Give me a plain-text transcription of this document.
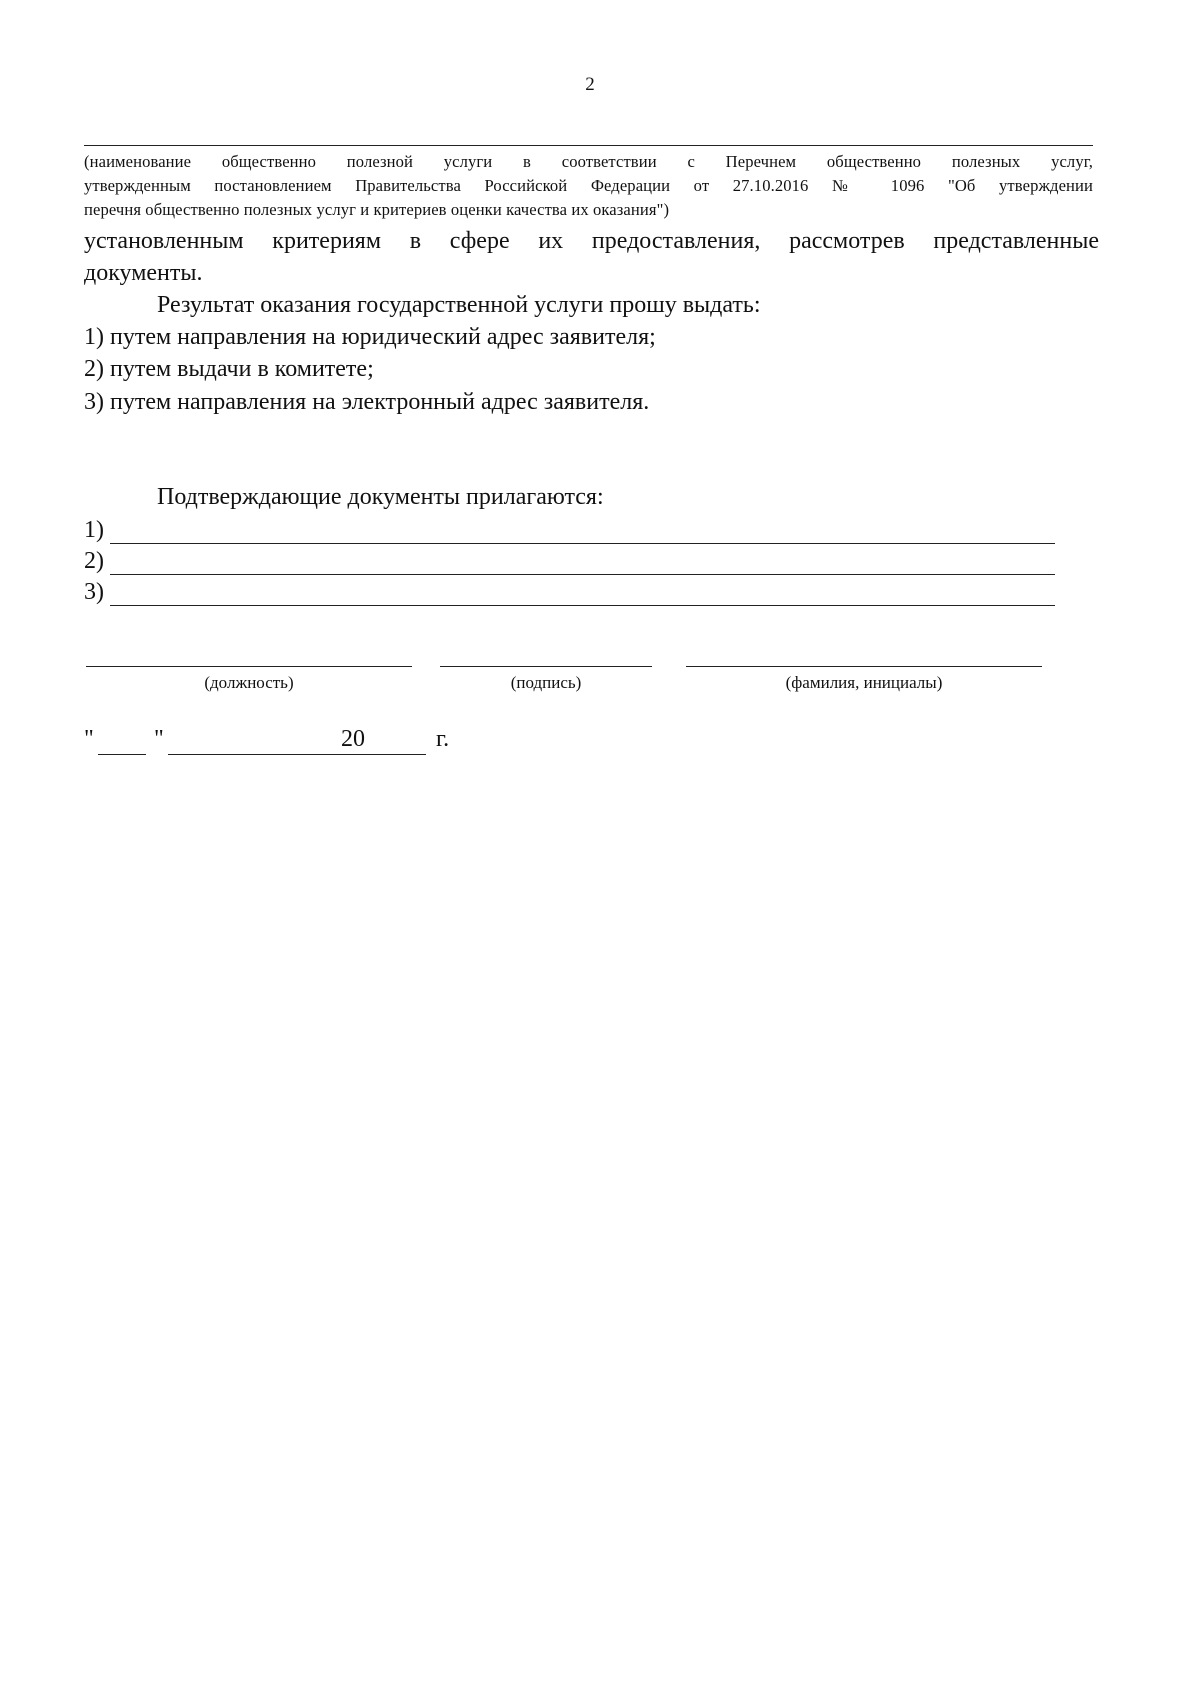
2
(наименование общественно полезной услуги в соответствии с Перечнем общественно полезных услуг,
утвержденным постановлением Правительства Российской Федерации от 27.10.2016 № 1096 "Об утверждении
перечня общественно полезных услуг и критериев оценки качества их оказания")
установленным критериям в сфере их предоставления, рассмотрев представленные
документы.
Результат оказания государственной услуги прошу выдать:
1) путем направления на юридический адрес заявителя;
2) путем выдачи в комитете;
3) путем направления на электронный адрес заявителя.
Подтверждающие документы прилагаются:
1)
2)
3)
(должность)	(подпись)	(фамилия, инициалы)
"	"	20	г.
